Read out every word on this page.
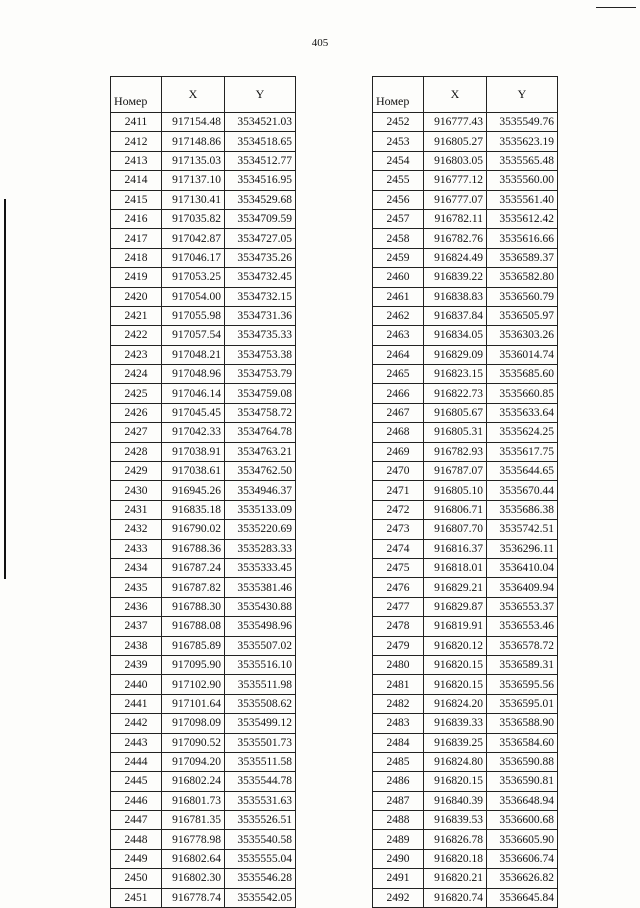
405
Номер	X	Y
2411	917154.48	3534521.03
2412	917148.86	3534518.65
2413	917135.03	3534512.77
2414	917137.10	3534516.95
2415	917130.41	3534529.68
2416	917035.82	3534709.59
2417	917042.87	3534727.05
2418	917046.17	3534735.26
2419	917053.25	3534732.45
2420	917054.00	3534732.15
2421	917055.98	3534731.36
2422	917057.54	3534735.33
2423	917048.21	3534753.38
2424	917048.96	3534753.79
2425	917046.14	3534759.08
2426	917045.45	3534758.72
2427	917042.33	3534764.78
2428	917038.91	3534763.21
2429	917038.61	3534762.50
2430	916945.26	3534946.37
2431	916835.18	3535133.09
2432	916790.02	3535220.69
2433	916788.36	3535283.33
2434	916787.24	3535333.45
2435	916787.82	3535381.46
2436	916788.30	3535430.88
2437	916788.08	3535498.96
2438	916785.89	3535507.02
2439	917095.90	3535516.10
2440	917102.90	3535511.98
2441	917101.64	3535508.62
2442	917098.09	3535499.12
2443	917090.52	3535501.73
2444	917094.20	3535511.58
2445	916802.24	3535544.78
2446	916801.73	3535531.63
2447	916781.35	3535526.51
2448	916778.98	3535540.58
2449	916802.64	3535555.04
2450	916802.30	3535546.28
2451	916778.74	3535542.05
Номер	X	Y
2452	916777.43	3535549.76
2453	916805.27	3535623.19
2454	916803.05	3535565.48
2455	916777.12	3535560.00
2456	916777.07	3535561.40
2457	916782.11	3535612.42
2458	916782.76	3535616.66
2459	916824.49	3536589.37
2460	916839.22	3536582.80
2461	916838.83	3536560.79
2462	916837.84	3536505.97
2463	916834.05	3536303.26
2464	916829.09	3536014.74
2465	916823.15	3535685.60
2466	916822.73	3535660.85
2467	916805.67	3535633.64
2468	916805.31	3535624.25
2469	916782.93	3535617.75
2470	916787.07	3535644.65
2471	916805.10	3535670.44
2472	916806.71	3535686.38
2473	916807.70	3535742.51
2474	916816.37	3536296.11
2475	916818.01	3536410.04
2476	916829.21	3536409.94
2477	916829.87	3536553.37
2478	916819.91	3536553.46
2479	916820.12	3536578.72
2480	916820.15	3536589.31
2481	916820.15	3536595.56
2482	916824.20	3536595.01
2483	916839.33	3536588.90
2484	916839.25	3536584.60
2485	916824.80	3536590.88
2486	916820.15	3536590.81
2487	916840.39	3536648.94
2488	916839.53	3536600.68
2489	916826.78	3536605.90
2490	916820.18	3536606.74
2491	916820.21	3536626.82
2492	916820.74	3536645.84
